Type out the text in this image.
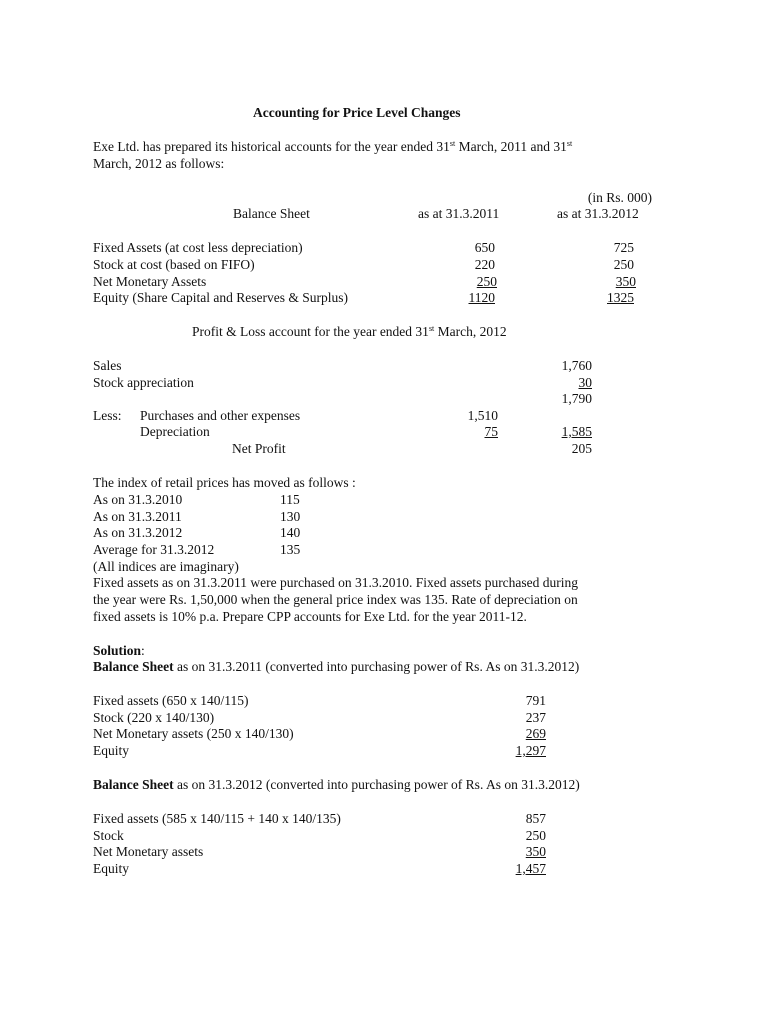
Accounting for Price Level Changes
Exe Ltd. has prepared its historical accounts for the year ended 31st March, 2011 and 31st
March, 2012 as follows:
(in Rs. 000)
Balance Sheet	as at 31.3.2011	as at 31.3.2012
Fixed Assets (at cost less depreciation)	650	725
Stock at cost (based on FIFO)	220	250
Net Monetary Assets	250	350
Equity (Share Capital and Reserves & Surplus)	1120	1325
Profit & Loss account for the year ended 31st March, 2012
Sales	1,760
Stock appreciation	30
1,790
Less: Purchases and other expenses	1,510
Depreciation	75	1,585
Net Profit	205
The index of retail prices has moved as follows :
As on 31.3.2010	115
As on 31.3.2011	130
As on 31.3.2012	140
Average for 31.3.2012	135
(All indices are imaginary)
Fixed assets as on 31.3.2011 were purchased on 31.3.2010. Fixed assets purchased during
the year were Rs. 1,50,000 when the general price index was 135. Rate of depreciation on
fixed assets is 10% p.a. Prepare CPP accounts for Exe Ltd. for the year 2011-12.
Solution:
Balance Sheet as on 31.3.2011 (converted into purchasing power of Rs. As on 31.3.2012)
Fixed assets (650 x 140/115)	791
Stock (220 x 140/130)	237
Net Monetary assets (250 x 140/130)	269
Equity	1,297
Balance Sheet as on 31.3.2012 (converted into purchasing power of Rs. As on 31.3.2012)
Fixed assets (585 x 140/115 + 140 x 140/135)	857
Stock	250
Net Monetary assets	350
Equity	1,457
